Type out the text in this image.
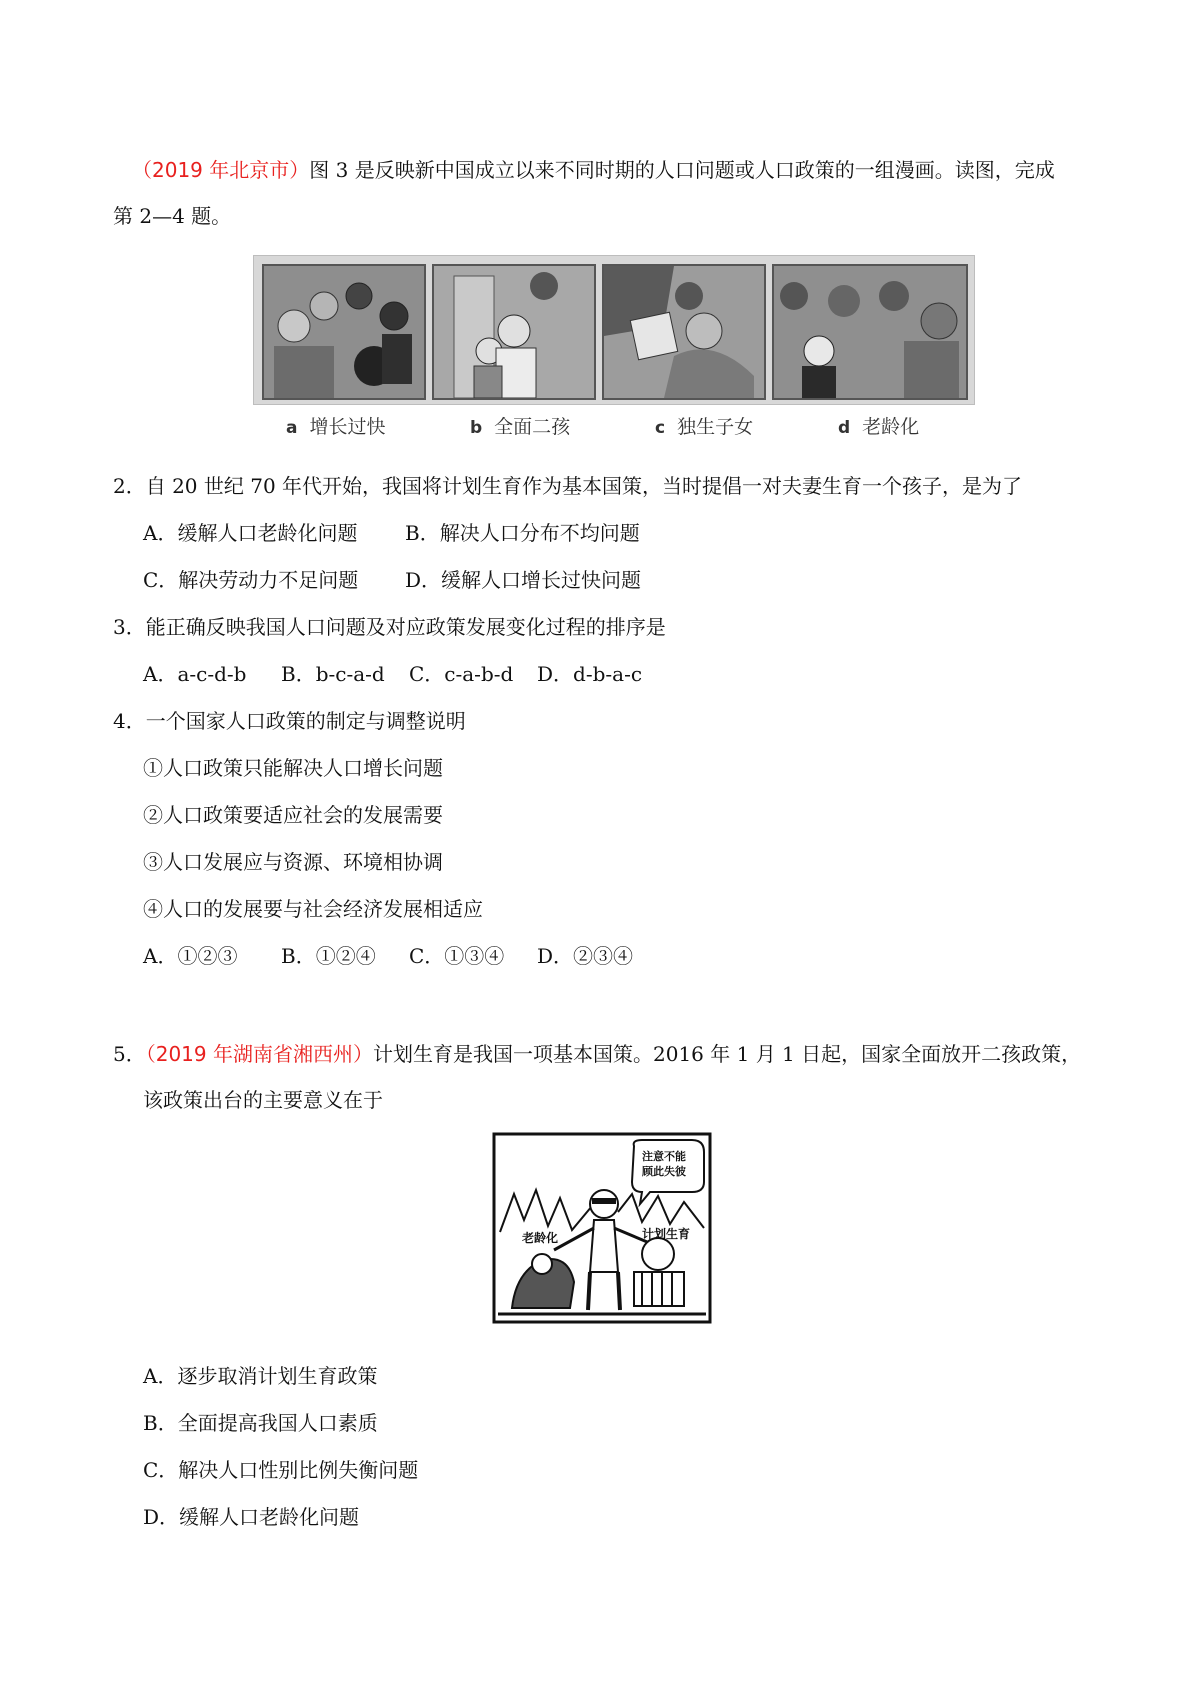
（2019 年北京市）图 3 是反映新中国成立以来不同时期的人口问题或人口政策的一组漫画。读图，完成
第 2—4 题。
a 增长过快	b 全面二孩	c 独生子女	d 老龄化
2．自 20 世纪 70 年代开始，我国将计划生育作为基本国策，当时提倡一对夫妻生育一个孩子，是为了
A．缓解人口老龄化问题 B．解决人口分布不均问题
C．解决劳动力不足问题 D．缓解人口增长过快问题
3．能正确反映我国人口问题及对应政策发展变化过程的排序是
A．a-c-d-b B．b-c-a-d C．c-a-b-d D．d-b-a-c
4．一个国家人口政策的制定与调整说明
①人口政策只能解决人口增长问题
②人口政策要适应社会的发展需要
③人口发展应与资源、环境相协调
④人口的发展要与社会经济发展相适应
A．①②③ B．①②④ C．①③④ D．②③④
5．（2019 年湖南省湘西州）计划生育是我国一项基本国策。2016 年 1 月 1 日起，国家全面放开二孩政策，
该政策出台的主要意义在于
注意不能 顾此失彼
老龄化	计划生育
A．逐步取消计划生育政策
B．全面提高我国人口素质
C．解决人口性别比例失衡问题
D．缓解人口老龄化问题
